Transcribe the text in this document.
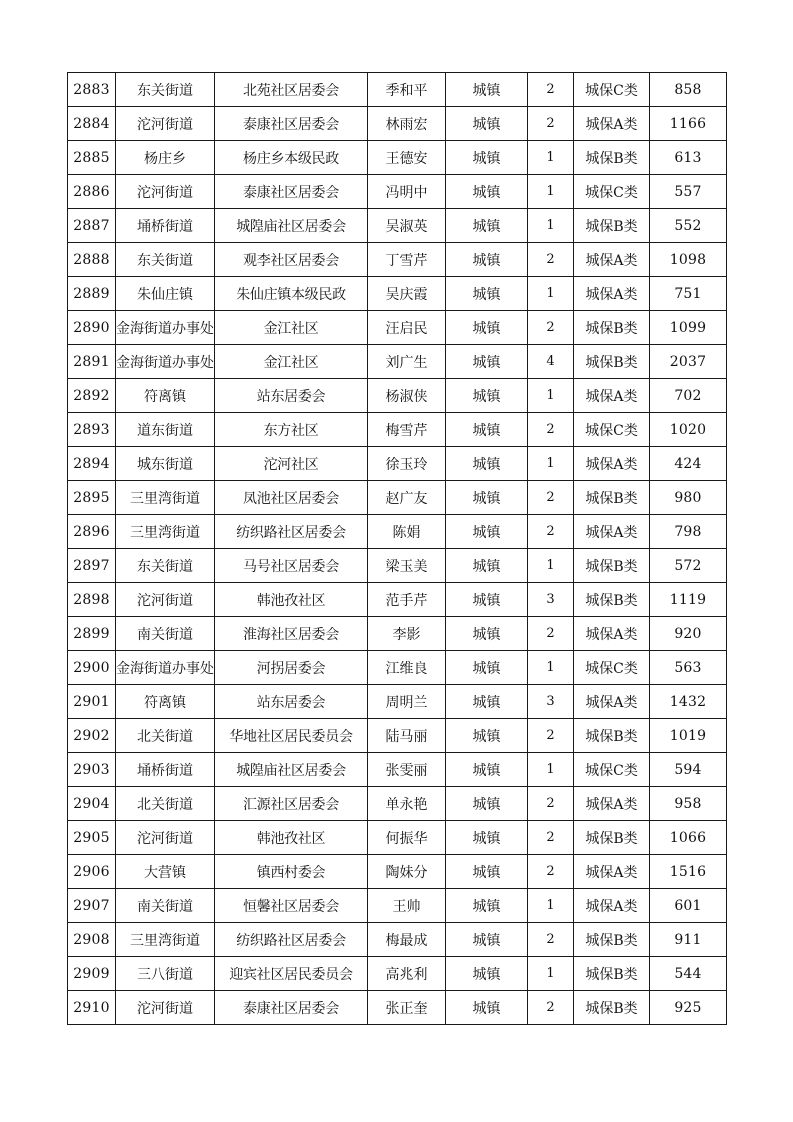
2883	东关街道	北苑社区居委会	季和平	城镇	2	城保C类	858
2884	沱河街道	泰康社区居委会	林雨宏	城镇	2	城保A类	1166
2885	杨庄乡	杨庄乡本级民政	王德安	城镇	1	城保B类	613
2886	沱河街道	泰康社区居委会	冯明中	城镇	1	城保C类	557
2887	埇桥街道	城隍庙社区居委会	吴淑英	城镇	1	城保B类	552
2888	东关街道	观李社区居委会	丁雪芹	城镇	2	城保A类	1098
2889	朱仙庄镇	朱仙庄镇本级民政	吴庆霞	城镇	1	城保A类	751
2890	金海街道办事处	金江社区	汪启民	城镇	2	城保B类	1099
2891	金海街道办事处	金江社区	刘广生	城镇	4	城保B类	2037
2892	符离镇	站东居委会	杨淑侠	城镇	1	城保A类	702
2893	道东街道	东方社区	梅雪芹	城镇	2	城保C类	1020
2894	城东街道	沱河社区	徐玉玲	城镇	1	城保A类	424
2895	三里湾街道	凤池社区居委会	赵广友	城镇	2	城保B类	980
2896	三里湾街道	纺织路社区居委会	陈娟	城镇	2	城保A类	798
2897	东关街道	马号社区居委会	梁玉美	城镇	1	城保B类	572
2898	沱河街道	韩池孜社区	范手芹	城镇	3	城保B类	1119
2899	南关街道	淮海社区居委会	李影	城镇	2	城保A类	920
2900	金海街道办事处	河拐居委会	江维良	城镇	1	城保C类	563
2901	符离镇	站东居委会	周明兰	城镇	3	城保A类	1432
2902	北关街道	华地社区居民委员会	陆马丽	城镇	2	城保B类	1019
2903	埇桥街道	城隍庙社区居委会	张雯丽	城镇	1	城保C类	594
2904	北关街道	汇源社区居委会	单永艳	城镇	2	城保A类	958
2905	沱河街道	韩池孜社区	何振华	城镇	2	城保B类	1066
2906	大营镇	镇西村委会	陶妹分	城镇	2	城保A类	1516
2907	南关街道	恒馨社区居委会	王帅	城镇	1	城保A类	601
2908	三里湾街道	纺织路社区居委会	梅最成	城镇	2	城保B类	911
2909	三八街道	迎宾社区居民委员会	高兆利	城镇	1	城保B类	544
2910	沱河街道	泰康社区居委会	张正奎	城镇	2	城保B类	925
